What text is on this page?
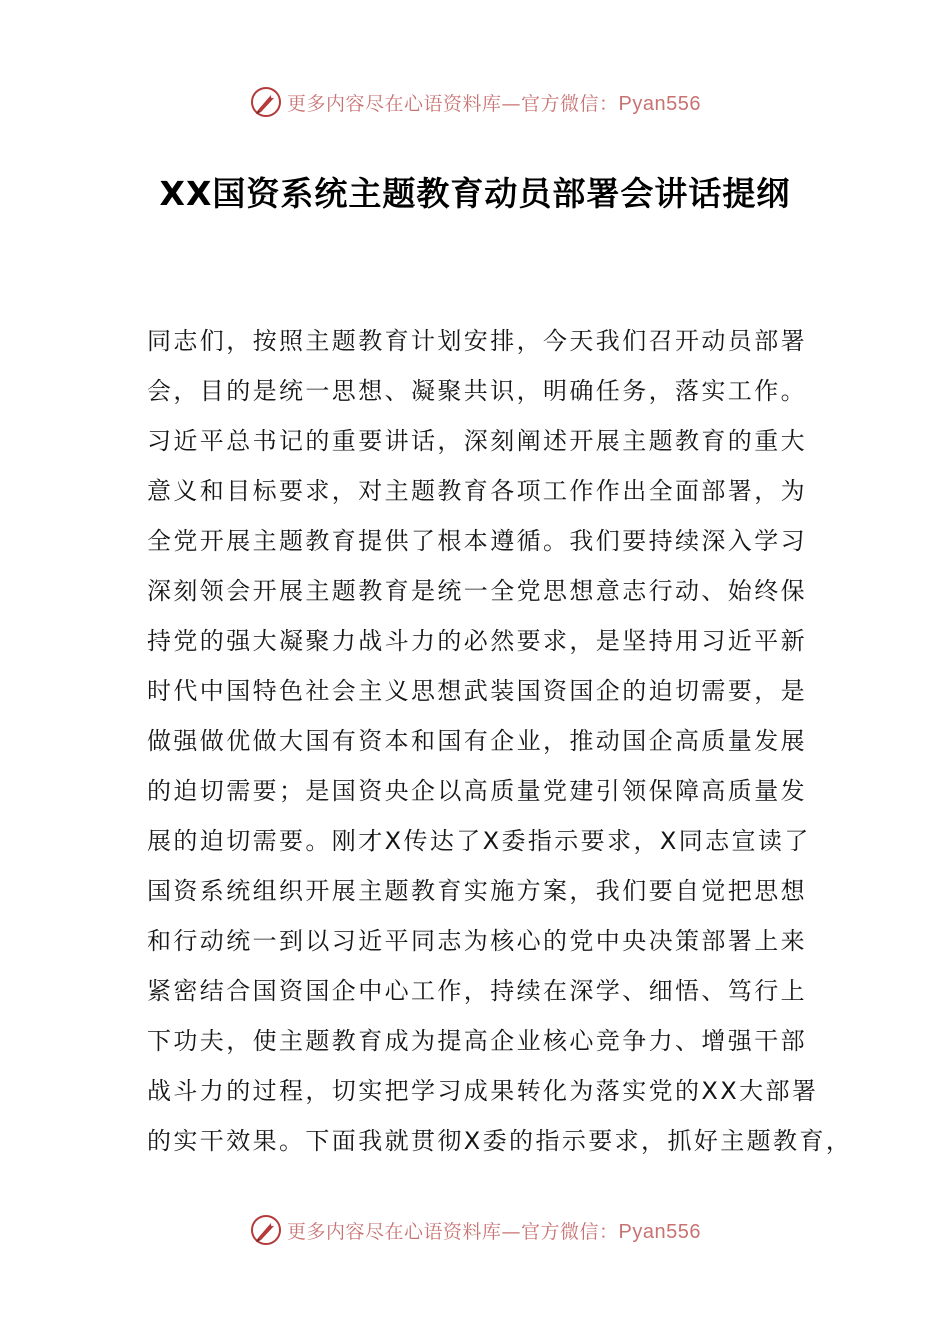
更多内容尽在心语资料库—官方微信：Pyan556
XX国资系统主题教育动员部署会讲话提纲
同志们，按照主题教育计划安排，今天我们召开动员部署
会，目的是统一思想、凝聚共识，明确任务，落实工作。
习近平总书记的重要讲话，深刻阐述开展主题教育的重大
意义和目标要求，对主题教育各项工作作出全面部署，为
全党开展主题教育提供了根本遵循。我们要持续深入学习
深刻领会开展主题教育是统一全党思想意志行动、始终保
持党的强大凝聚力战斗力的必然要求，是坚持用习近平新
时代中国特色社会主义思想武装国资国企的迫切需要，是
做强做优做大国有资本和国有企业，推动国企高质量发展
的迫切需要；是国资央企以高质量党建引领保障高质量发
展的迫切需要。刚才X传达了X委指示要求，X同志宣读了
国资系统组织开展主题教育实施方案，我们要自觉把思想
和行动统一到以习近平同志为核心的党中央决策部署上来
紧密结合国资国企中心工作，持续在深学、细悟、笃行上
下功夫，使主题教育成为提高企业核心竞争力、增强干部
战斗力的过程，切实把学习成果转化为落实党的XX大部署
的实干效果。下面我就贯彻X委的指示要求，抓好主题教育，
更多内容尽在心语资料库—官方微信：Pyan556
